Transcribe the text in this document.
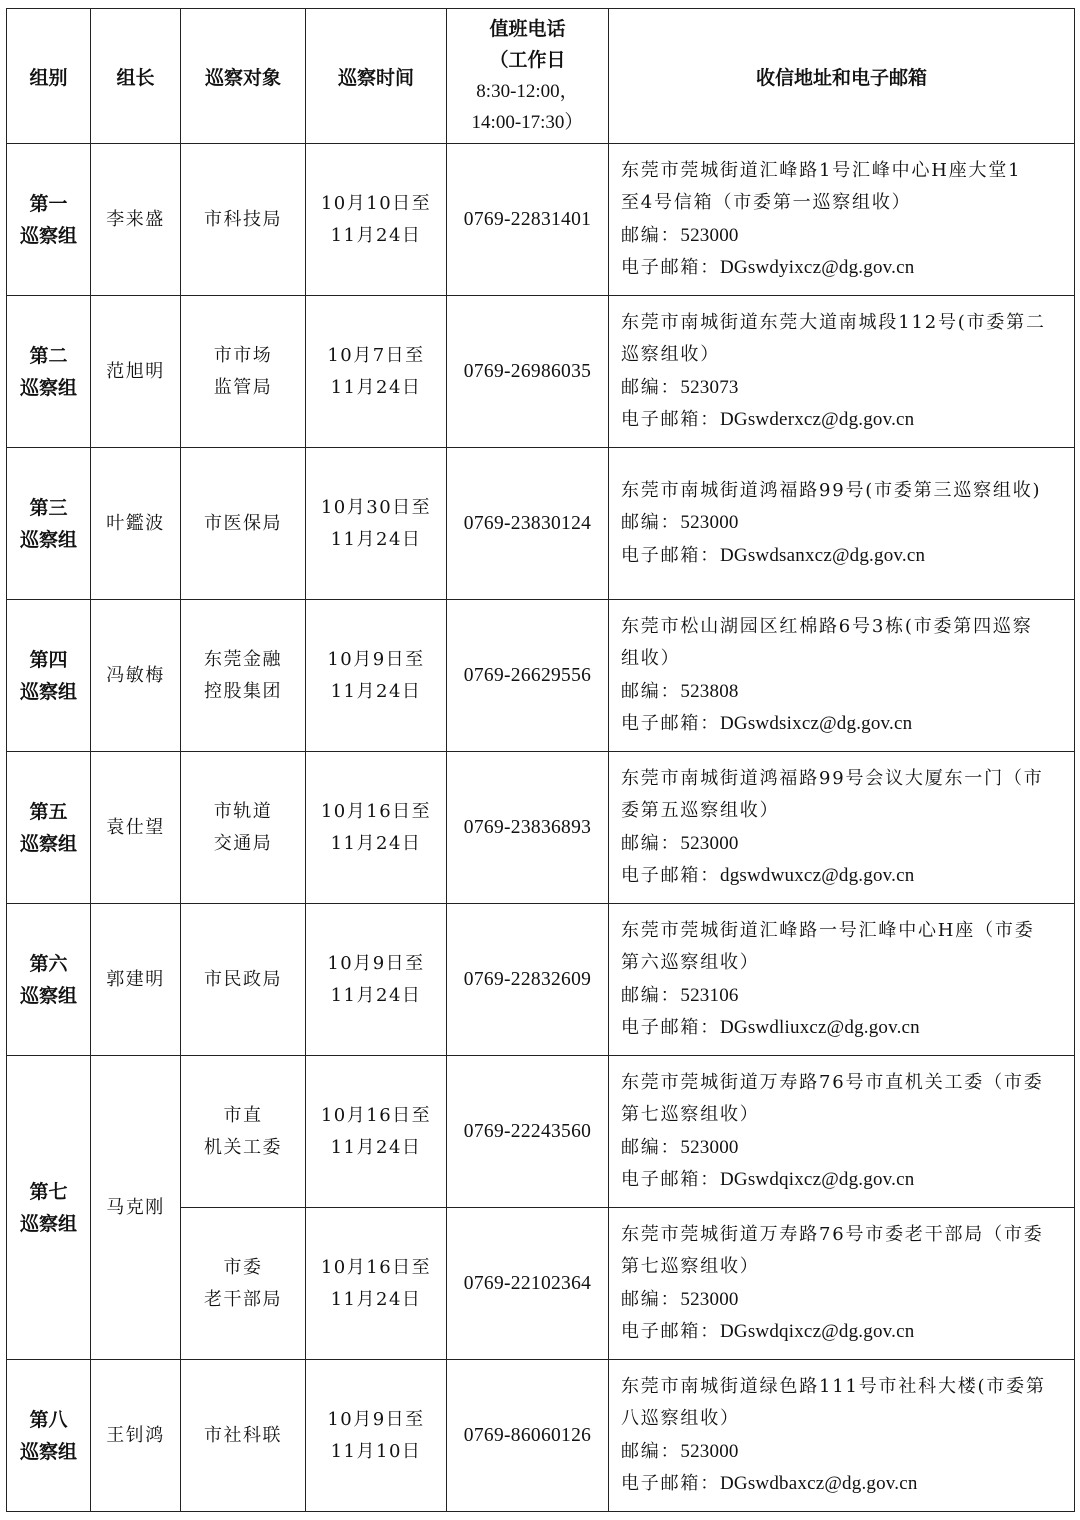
组别	组长	巡察对象	巡察时间	值班电话
（工作日
8:30-12:00，
14:00-17:30）	收信地址和电子邮箱

第一
巡察组	李来盛	市科技局	10月10日至
11月24日	0769-22831401	东莞市莞城街道汇峰路1号汇峰中心H座大堂1
至4号信箱（市委第一巡察组收）
邮编：523000
电子邮箱：DGswdyixcz@dg.gov.cn

第二
巡察组	范旭明	市市场
监管局	10月7日至
11月24日	0769-26986035	东莞市南城街道东莞大道南城段112号(市委第二
巡察组收）
邮编：523073
电子邮箱：DGswderxcz@dg.gov.cn

第三
巡察组	叶鑑波	市医保局	10月30日至
11月24日	0769-23830124	东莞市南城街道鸿福路99号(市委第三巡察组收)
邮编：523000
电子邮箱：DGswdsanxcz@dg.gov.cn

第四
巡察组	冯敏梅	东莞金融
控股集团	10月9日至
11月24日	0769-26629556	东莞市松山湖园区红棉路6号3栋(市委第四巡察
组收）
邮编：523808
电子邮箱：DGswdsixcz@dg.gov.cn

第五
巡察组	袁仕望	市轨道
交通局	10月16日至
11月24日	0769-23836893	东莞市南城街道鸿福路99号会议大厦东一门（市
委第五巡察组收）
邮编：523000
电子邮箱：dgswdwuxcz@dg.gov.cn

第六
巡察组	郭建明	市民政局	10月9日至
11月24日	0769-22832609	东莞市莞城街道汇峰路一号汇峰中心H座（市委
第六巡察组收）
邮编：523106
电子邮箱：DGswdliuxcz@dg.gov.cn

第七
巡察组	马克刚	市直
机关工委	10月16日至
11月24日	0769-22243560	东莞市莞城街道万寿路76号市直机关工委（市委
第七巡察组收）
邮编：523000
电子邮箱：DGswdqixcz@dg.gov.cn

		市委
老干部局	10月16日至
11月24日	0769-22102364	东莞市莞城街道万寿路76号市委老干部局（市委
第七巡察组收）
邮编：523000
电子邮箱：DGswdqixcz@dg.gov.cn

第八
巡察组	王钊鸿	市社科联	10月9日至
11月10日	0769-86060126	东莞市南城街道绿色路111号市社科大楼(市委第
八巡察组收）
邮编：523000
电子邮箱：DGswdbaxcz@dg.gov.cn
